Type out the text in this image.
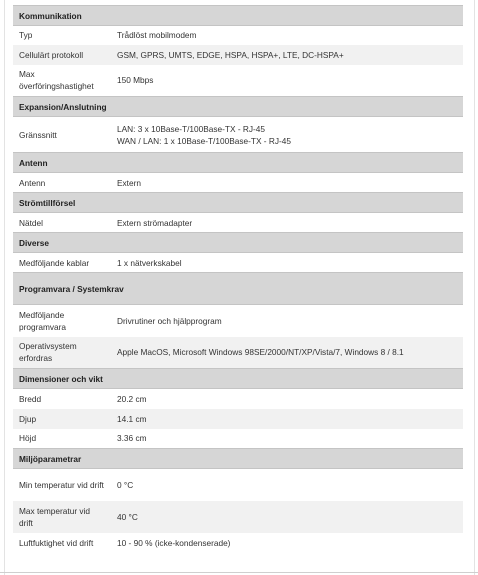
Kommunikation	
Typ	Trådlöst mobilmodem

Cellulärt protokoll	GSM, GPRS, UMTS, EDGE, HSPA, HSPA+, LTE, DC-HSPA+

Max överföringshastighet	150 Mbps

Expansion/Anslutning	
Gränssnitt	LAN: 3 x 10Base-T/100Base-TX - RJ-45
WAN / LAN: 1 x 10Base-T/100Base-TX - RJ-45

Antenn	
Antenn	Extern

Strömtillförsel	
Nätdel	Extern strömadapter

Diverse	
Medföljande kablar	1 x nätverkskabel

Programvara / Systemkrav	
Medföljande programvara	Drivrutiner och hjälpprogram

Operativsystem erfordras	Apple MacOS, Microsoft Windows 98SE/2000/NT/XP/Vista/7, Windows 8 / 8.1

Dimensioner och vikt	
Bredd	20.2 cm

Djup	14.1 cm

Höjd	3.36 cm

Miljöparametrar	
Min temperatur vid drift	0 °C

Max temperatur vid drift	40 °C

Luftfuktighet vid drift	10 - 90 % (icke-kondenserade)
